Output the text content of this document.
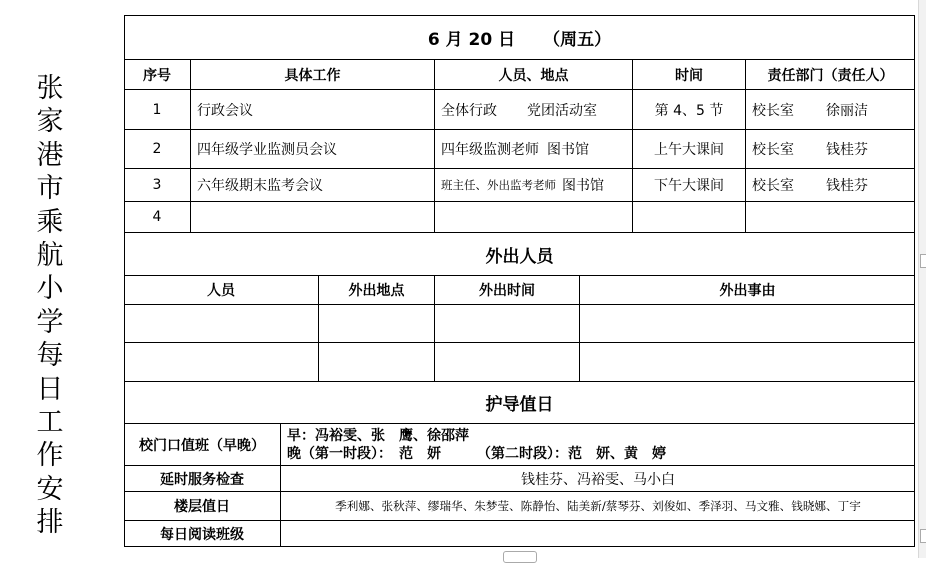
张
家
港
市
乘
航
小
学
每
日
工
作
安
排
6 月 20 日 （周五）
序号	具体工作	人员、地点	时间	责任部门（责任人）
1	行政会议	全体行政 党团活动室	第 4、5 节	校长室 徐丽洁
2	四年级学业监测员会议	四年级监测老师 图书馆	上午大课间	校长室 钱桂芬
3	六年级期末监考会议	班主任、外出监考老师 图书馆	下午大课间	校长室 钱桂芬
4
外出人员
人员	外出地点	外出时间	外出事由
护导值日
校门口值班（早晚）
早：冯裕雯、张　鹰、徐邵萍
晚（第一时段）：　范　妍	（第二时段）：范　妍、黄　婷
延时服务检查	钱桂芬、冯裕雯、马小白
楼层值日	季利娜、张秋萍、缪瑞华、朱梦莹、陈静怡、陆美新/蔡琴芬、刘俊如、季泽羽、马文雅、钱晓娜、丁宇
每日阅读班级
